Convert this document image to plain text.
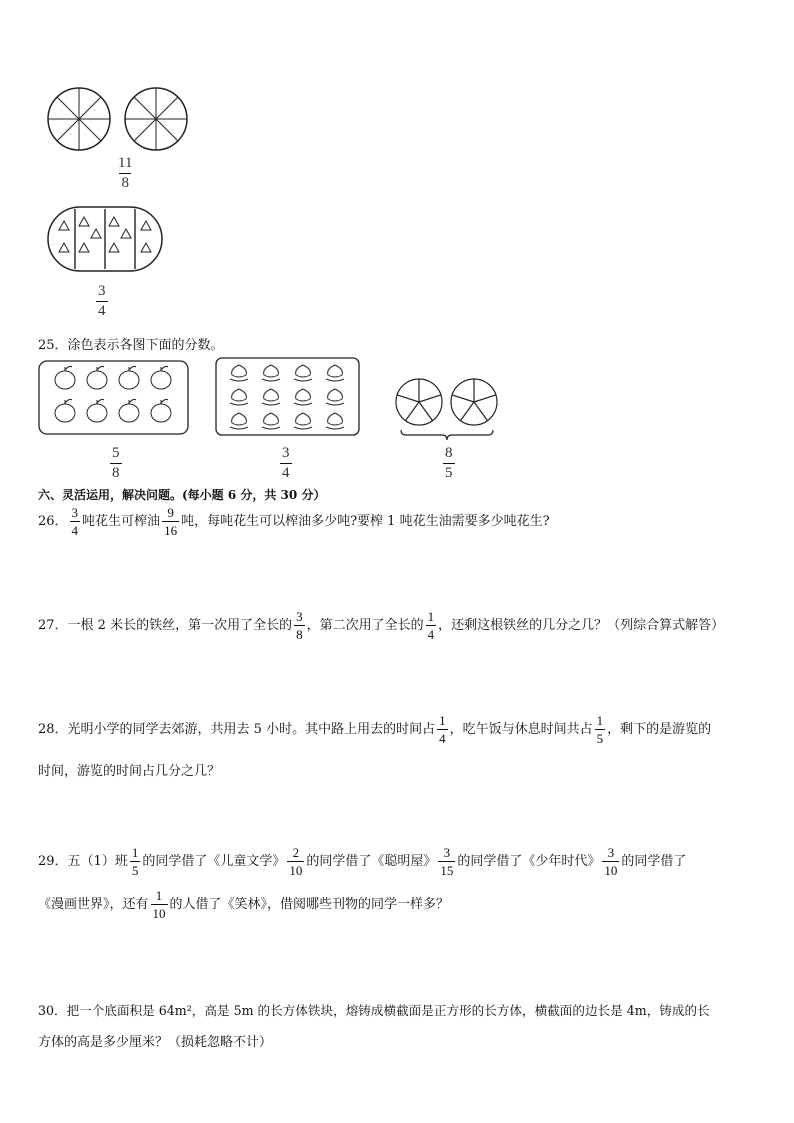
$\frac{11}{8}$
$\frac{3}{4}$
25．涂色表示各图下面的分数。
$\frac{5}{8}$	$\frac{3}{4}$	$\frac{8}{5}$
六、灵活运用，解决问题。(每小题 6 分，共 30 分）
26． $\frac{3}{4}$ 吨花生可榨油 $\frac{9}{16}$ 吨，每吨花生可以榨油多少吨?要榨 1 吨花生油需要多少吨花生?
27．一根 2 米长的铁丝，第一次用了全长的 $\frac{3}{8}$ ，第二次用了全长的 $\frac{1}{4}$ ，还剩这根铁丝的几分之几？（列综合算式解答）
28．光明小学的同学去郊游，共用去 5 小时。其中路上用去的时间占 $\frac{1}{4}$ ，吃午饭与休息时间共占 $\frac{1}{5}$ ，剩下的是游览的
时间，游览的时间占几分之几？
29．五（1）班 $\frac{1}{5}$ 的同学借了《儿童文学》 $\frac{2}{10}$ 的同学借了《聪明屋》 $\frac{3}{15}$ 的同学借了《少年时代》 $\frac{3}{10}$ 的同学借了
《漫画世界》，还有 $\frac{1}{10}$ 的人借了《笑林》，借阅哪些刊物的同学一样多？
30．把一个底面积是 64m²，高是 5m 的长方体铁块，熔铸成横截面是正方形的长方体，横截面的边长是 4m，铸成的长
方体的高是多少厘米？（损耗忽略不计）
